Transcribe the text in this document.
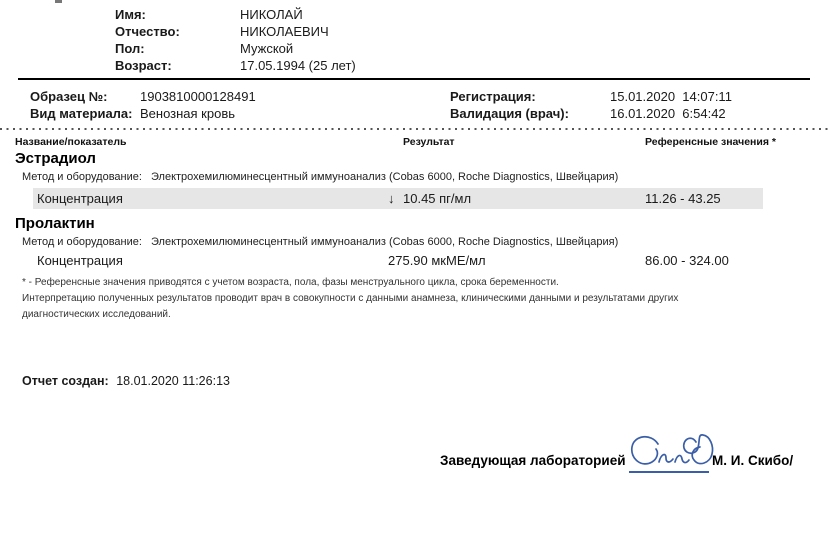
Имя:	НИКОЛАЙ
Отчество:	НИКОЛАЕВИЧ
Пол:	Мужской
Возраст:	17.05.1994 (25 лет)
Образец №:	1903810000128491
Вид материала: Венозная кровь
Регистрация:	15.01.2020  14:07:11
Валидация (врач):	16.01.2020  6:54:42
Название/показатель	Результат	Референсные значения *
Эстрадиол
Метод и оборудование: Электрохемилюминесцентный иммуноанализ (Cobas 6000, Roche Diagnostics, Швейцария)
Концентрация	↓ 10.45 пг/мл	11.26 - 43.25
Пролактин
Метод и оборудование: Электрохемилюминесцентный иммуноанализ (Cobas 6000, Roche Diagnostics, Швейцария)
Концентрация	275.90 мкМЕ/мл	86.00 - 324.00
* - Референсные значения приводятся с учетом возраста, пола, фазы менструального цикла, срока беременности.
Интерпретацию полученных результатов проводит врач в совокупности с данными анамнеза, клиническими данными и результатами других
диагностических исследований.
Отчет создан: 18.01.2020 11:26:13
Заведующая лабораторией	М. И. Скибо/
